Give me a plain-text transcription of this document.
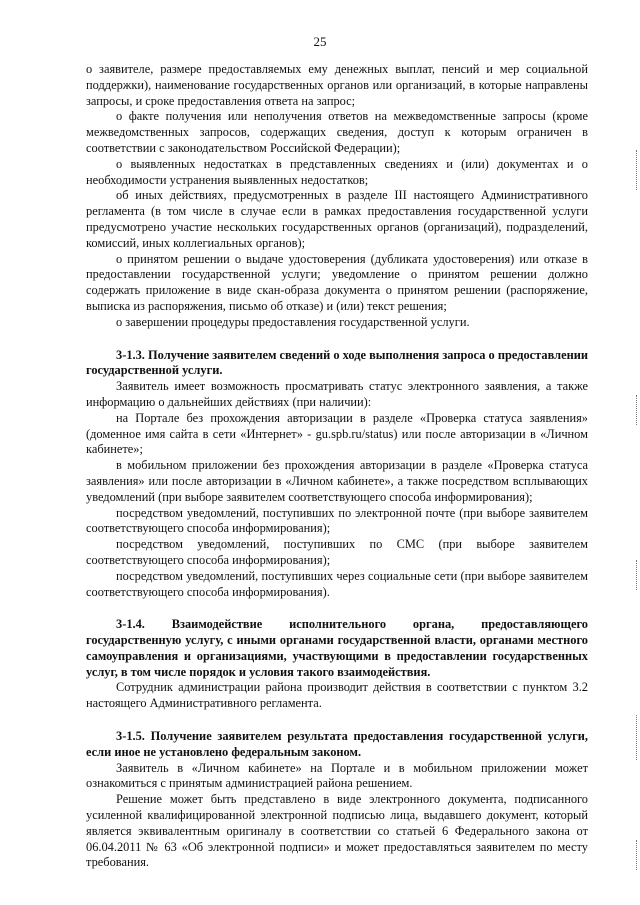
25

о заявителе, размере предоставляемых ему денежных выплат, пенсий и мер социальной поддержки), наименование государственных органов или организаций, в которые направлены запросы, и сроке предоставления ответа на запрос;

о факте получения или неполучения ответов на межведомственные запросы (кроме межведомственных запросов, содержащих сведения, доступ к которым ограничен в соответствии с законодательством Российской Федерации);

о выявленных недостатках в представленных сведениях и (или) документах и о необходимости устранения выявленных недостатков;

об иных действиях, предусмотренных в разделе III настоящего Административного регламента (в том числе в случае если в рамках предоставления государственной услуги предусмотрено участие нескольких государственных органов (организаций), подразделений, комиссий, иных коллегиальных органов);

о принятом решении о выдаче удостоверения (дубликата удостоверения) или отказе в предоставлении государственной услуги; уведомление о принятом решении должно содержать приложение в виде скан-образа документа о принятом решении (распоряжение, выписка из распоряжения, письмо об отказе) и (или) текст решения;

о завершении процедуры предоставления государственной услуги.

3-1.3. Получение заявителем сведений о ходе выполнения запроса о предоставлении государственной услуги.

Заявитель имеет возможность просматривать статус электронного заявления, а также информацию о дальнейших действиях (при наличии):

на Портале без прохождения авторизации в разделе «Проверка статуса заявления» (доменное имя сайта в сети «Интернет» - gu.spb.ru/status) или после авторизации в «Личном кабинете»;

в мобильном приложении без прохождения авторизации в разделе «Проверка статуса заявления» или после авторизации в «Личном кабинете», а также посредством всплывающих уведомлений (при выборе заявителем соответствующего способа информирования);

посредством уведомлений, поступивших по электронной почте (при выборе заявителем соответствующего способа информирования);

посредством уведомлений, поступивших по СМС (при выборе заявителем соответствующего способа информирования);

посредством уведомлений, поступивших через социальные сети (при выборе заявителем соответствующего способа информирования).

3-1.4. Взаимодействие исполнительного органа, предоставляющего государственную услугу, с иными органами государственной власти, органами местного самоуправления и организациями, участвующими в предоставлении государственных услуг, в том числе порядок и условия такого взаимодействия.

Сотрудник администрации района производит действия в соответствии с пунктом 3.2 настоящего Административного регламента.

3-1.5. Получение заявителем результата предоставления государственной услуги, если иное не установлено федеральным законом.

Заявитель в «Личном кабинете» на Портале и в мобильном приложении может ознакомиться с принятым администрацией района решением.

Решение может быть представлено в виде электронного документа, подписанного усиленной квалифицированной электронной подписью лица, выдавшего документ, который является эквивалентным оригиналу в соответствии со статьей 6 Федерального закона от 06.04.2011 № 63 «Об электронной подписи» и может предоставляться заявителем по месту требования.
